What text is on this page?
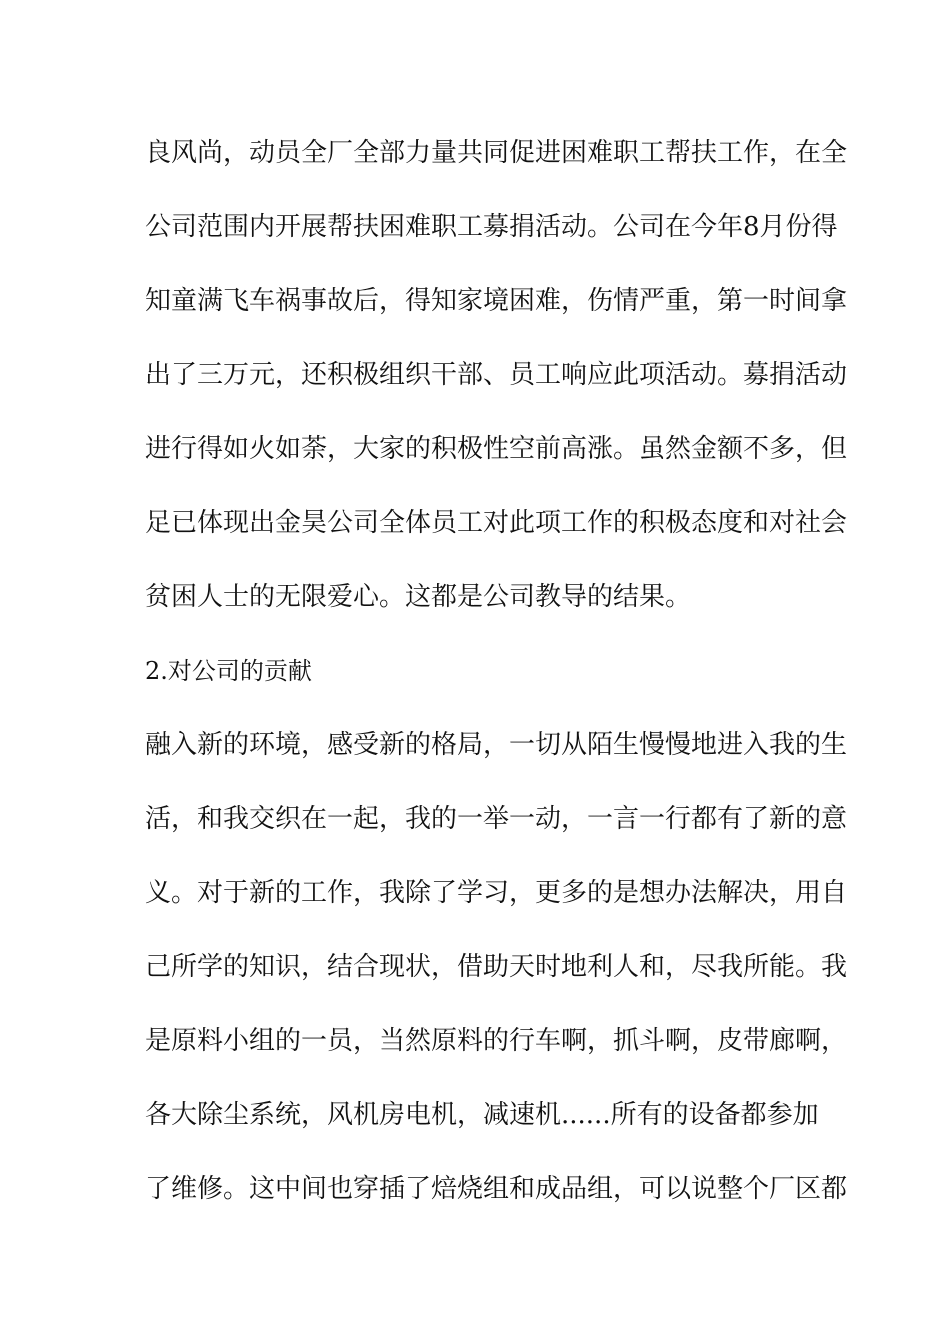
良风尚，动员全厂全部力量共同促进困难职工帮扶工作，在全
公司范围内开展帮扶困难职工募捐活动。公司在今年8月份得
知童满飞车祸事故后，得知家境困难，伤情严重，第一时间拿
出了三万元，还积极组织干部、员工响应此项活动。募捐活动
进行得如火如荼，大家的积极性空前高涨。虽然金额不多，但
足已体现出金昊公司全体员工对此项工作的积极态度和对社会
贫困人士的无限爱心。这都是公司教导的结果。
2.对公司的贡献
融入新的环境，感受新的格局，一切从陌生慢慢地进入我的生
活，和我交织在一起，我的一举一动，一言一行都有了新的意
义。对于新的工作，我除了学习，更多的是想办法解决，用自
己所学的知识，结合现状，借助天时地利人和，尽我所能。我
是原料小组的一员，当然原料的行车啊，抓斗啊，皮带廊啊，
各大除尘系统，风机房电机，减速机......所有的设备都参加
了维修。这中间也穿插了焙烧组和成品组，可以说整个厂区都
